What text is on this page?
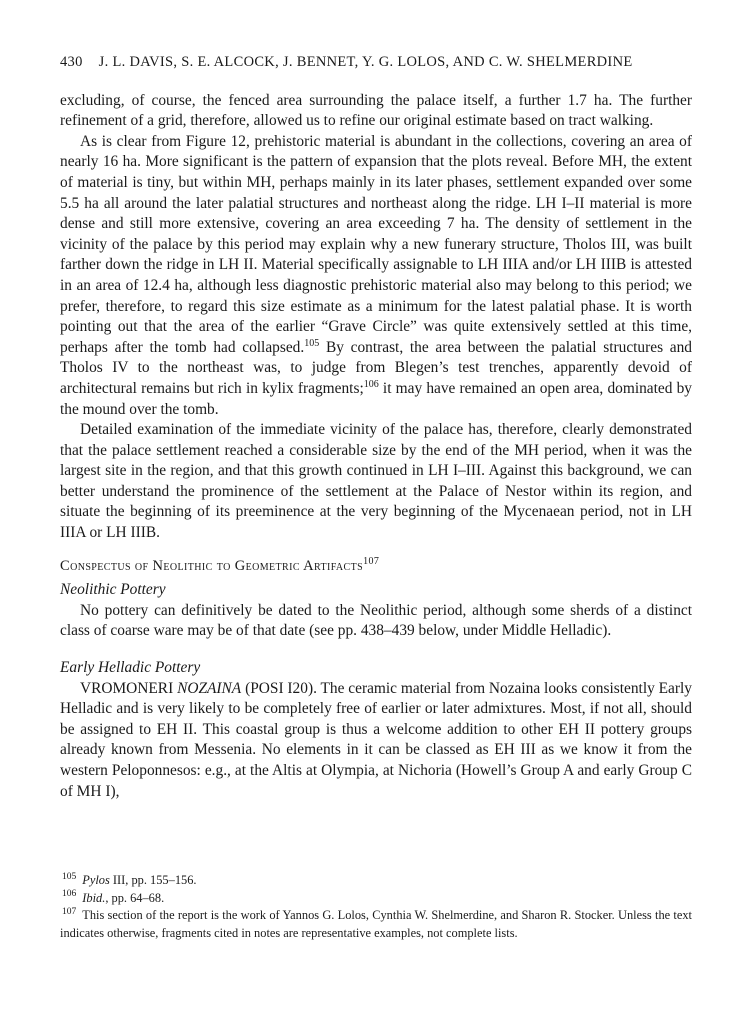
430 J. L. DAVIS, S. E. ALCOCK, J. BENNET, Y. G. LOLOS, AND C. W. SHELMERDINE

excluding, of course, the fenced area surrounding the palace itself, a further 1.7 ha. The further refinement of a grid, therefore, allowed us to refine our original estimate based on tract walking.

As is clear from Figure 12, prehistoric material is abundant in the collections, covering an area of nearly 16 ha. More significant is the pattern of expansion that the plots reveal. Before MH, the extent of material is tiny, but within MH, perhaps mainly in its later phases, settlement expanded over some 5.5 ha all around the later palatial structures and northeast along the ridge. LH I–II material is more dense and still more extensive, covering an area exceeding 7 ha. The density of settlement in the vicinity of the palace by this period may explain why a new funerary structure, Tholos III, was built farther down the ridge in LH II. Material specifically assignable to LH IIIA and/or LH IIIB is attested in an area of 12.4 ha, although less diagnostic prehistoric material also may belong to this period; we prefer, therefore, to regard this size estimate as a minimum for the latest palatial phase. It is worth pointing out that the area of the earlier “Grave Circle” was quite extensively settled at this time, perhaps after the tomb had collapsed.$^{105}$ By contrast, the area between the palatial structures and Tholos IV to the northeast was, to judge from Blegen’s test trenches, apparently devoid of architectural remains but rich in kylix fragments;$^{106}$ it may have remained an open area, dominated by the mound over the tomb.

Detailed examination of the immediate vicinity of the palace has, therefore, clearly demonstrated that the palace settlement reached a considerable size by the end of the MH period, when it was the largest site in the region, and that this growth continued in LH I–III. Against this background, we can better understand the prominence of the settlement at the Palace of Nestor within its region, and situate the beginning of its preeminence at the very beginning of the Mycenaean period, not in LH IIIA or LH IIIB.

Conspectus of Neolithic to Geometric Artifacts$^{107}$
Neolithic Pottery

No pottery can definitively be dated to the Neolithic period, although some sherds of a distinct class of coarse ware may be of that date (see pp. 438–439 below, under Middle Helladic).

Early Helladic Pottery

VROMONERI NOZAINA (POSI I20). The ceramic material from Nozaina looks consistently Early Helladic and is very likely to be completely free of earlier or later admixtures. Most, if not all, should be assigned to EH II. This coastal group is thus a welcome addition to other EH II pottery groups already known from Messenia. No elements in it can be classed as EH III as we know it from the western Peloponnesos: e.g., at the Altis at Olympia, at Nichoria (Howell’s Group A and early Group C of MH I),

$^{105}$ Pylos III, pp. 155–156.
$^{106}$ Ibid., pp. 64–68.
$^{107}$ This section of the report is the work of Yannos G. Lolos, Cynthia W. Shelmerdine, and Sharon R. Stocker. Unless the text indicates otherwise, fragments cited in notes are representative examples, not complete lists.
